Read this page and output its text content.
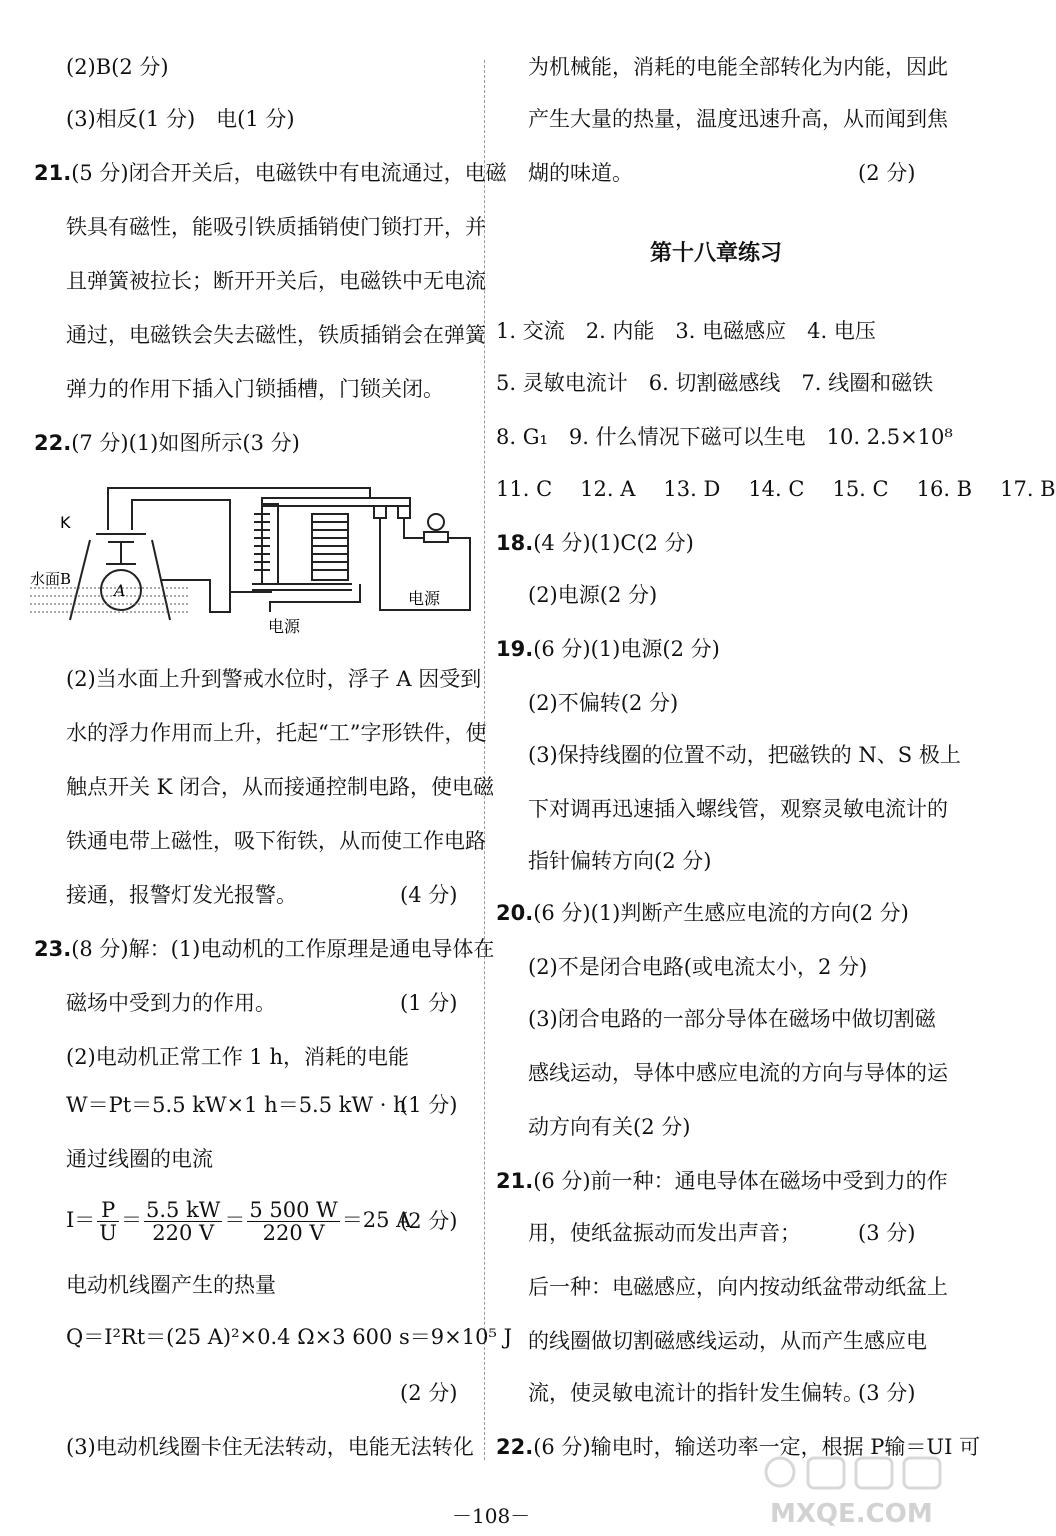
(2)B(2 分)
(3)相反(1 分)　电(1 分)
21.(5 分)闭合开关后，电磁铁中有电流通过，电磁
铁具有磁性，能吸引铁质插销使门锁打开，并
且弹簧被拉长；断开开关后，电磁铁中无电流
通过，电磁铁会失去磁性，铁质插销会在弹簧
弹力的作用下插入门锁插槽，门锁关闭。
22.(7 分)(1)如图所示(3 分)
K
水面B
A	电源
电源
(2)当水面上升到警戒水位时，浮子 A 因受到
水的浮力作用而上升，托起“工”字形铁件，使
触点开关 K 闭合，从而接通控制电路，使电磁
铁通电带上磁性，吸下衔铁，从而使工作电路
接通，报警灯发光报警。	(4 分)
23.(8 分)解：(1)电动机的工作原理是通电导体在
磁场中受到力的作用。	(1 分)
(2)电动机正常工作 1 h，消耗的电能
W＝Pt＝5.5 kW×1 h＝5.5 kW · h
(1 分)
通过线圈的电流
$I= \frac{P}{U} = \frac{5.5 kW}{220 V} = \frac{5 500 W}{220 V} =25$ A
(2 分)
电动机线圈产生的热量
Q＝I²Rt＝(25 A)²×0.4 Ω×3 600 s＝9×10⁵ J
(2 分)
(3)电动机线圈卡住无法转动，电能无法转化
为机械能，消耗的电能全部转化为内能，因此
产生大量的热量，温度迅速升高，从而闻到焦
煳的味道。	(2 分)
第十八章练习
1. 交流　2. 内能　3. 电磁感应　4. 电压
5. 灵敏电流计　6. 切割磁感线　7. 线圈和磁铁
8. G₁　9. 什么情况下磁可以生电　10. 2.5×10⁸
11. C 12. A 13. D 14. C 15. C 16. B 17. B
18.(4 分)(1)C(2 分)
(2)电源(2 分)
19.(6 分)(1)电源(2 分)
(2)不偏转(2 分)
(3)保持线圈的位置不动，把磁铁的 N、S 极上
下对调再迅速插入螺线管，观察灵敏电流计的
指针偏转方向(2 分)
20.(6 分)(1)判断产生感应电流的方向(2 分)
(2)不是闭合电路(或电流太小，2 分)
(3)闭合电路的一部分导体在磁场中做切割磁
感线运动，导体中感应电流的方向与导体的运
动方向有关(2 分)
21.(6 分)前一种：通电导体在磁场中受到力的作
用，使纸盆振动而发出声音；	(3 分)
后一种：电磁感应，向内按动纸盆带动纸盆上
的线圈做切割磁感线运动，从而产生感应电
流，使灵敏电流计的指针发生偏转。
(3 分)
22.(6 分)输电时，输送功率一定，根据 P输＝UI 可
－108－	MXQE.COM
